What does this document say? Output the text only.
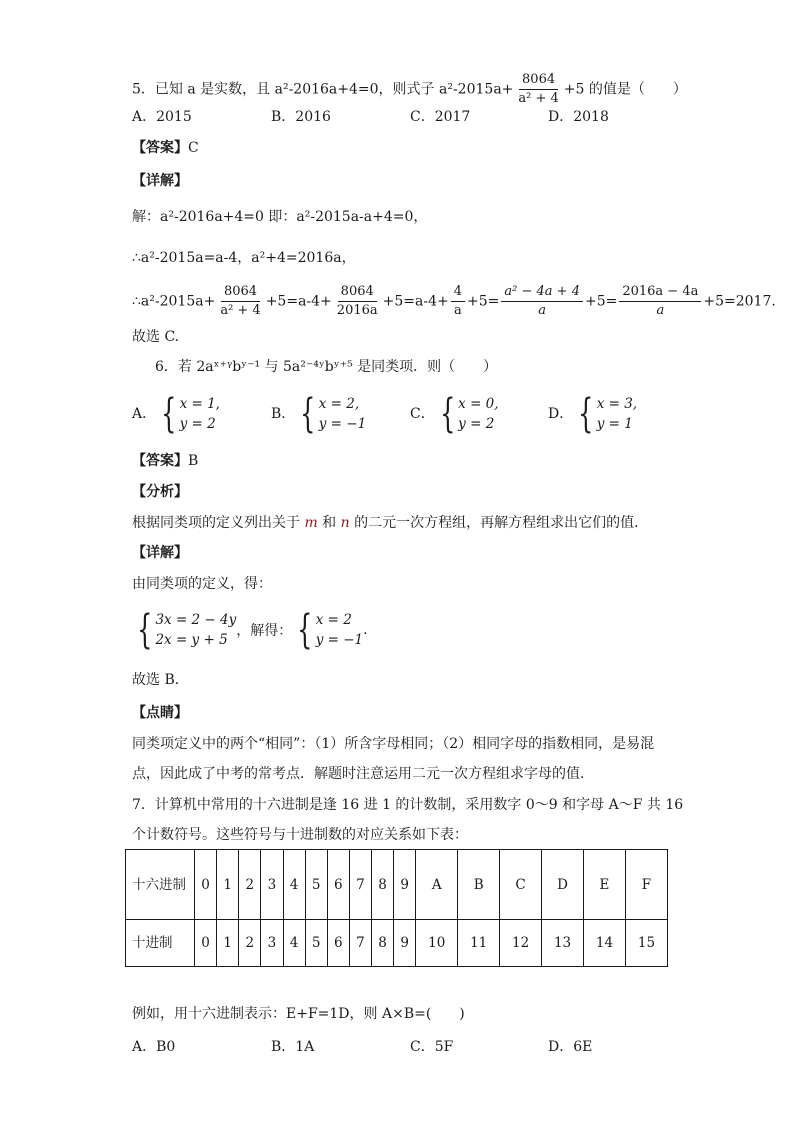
5．已知 a 是实数，且 a²-2016a+4=0，则式子 $a^2-2015a+ \frac{8064}{\text{a² + 4}} +5$ 的值是（　　）
A．2015	B．2016	C．2017	D．2018
【答案】C
【详解】
解：a²-2016a+4=0 即：a²-2015a-a+4=0，
∴a²-2015a=a-4，a²+4=2016a，
∴a²-2015a+ $\frac{8064}{\text{a² + 4}} +5=a-4+ \frac{8064}{2016a} +5=a-4+ \frac{4}{a} +5= \frac{\text{a² − 4a + 4}}{a} +5= \frac{2016a - 4a}{a} +5=2017$.
故选 C.
6．若 2aˣ⁺ᵞbʸ⁻¹ 与 5a²⁻⁴ʸbʸ⁺⁵ 是同类项．则（　　）
A． { x = 1,
y = 2
B． { x = 2,
y = −1
C． { x = 0,
y = 2
D． { x = 3,
y = 1
【答案】B
【分析】
根据同类项的定义列出关于 m 和 n 的二元一次方程组，再解方程组求出它们的值．
【详解】
由同类项的定义，得：
{ 3x = 2 − 4y
2x = y + 5
，解得： { x = 2
y = −1
.
故选 B．
【点睛】
同类项定义中的两个“相同”：（1）所含字母相同；（2）相同字母的指数相同，是易混
点，因此成了中考的常考点．解题时注意运用二元一次方程组求字母的值．
7．计算机中常用的十六进制是逢 16 进 1 的计数制，采用数字 0～9 和字母 A～F 共 16
个计数符号。这些符号与十进制数的对应关系如下表：
十六进制	0	1	2	3	4	5	6	7	8	9	A	B	C	D	E	F
十进制	0	1	2	3	4	5	6	7	8	9	10	11	12	13	14	15
例如，用十六进制表示：E+F=1D，则 A×B=(　　)
A．B0	B．1A	C．5F	D．6E
